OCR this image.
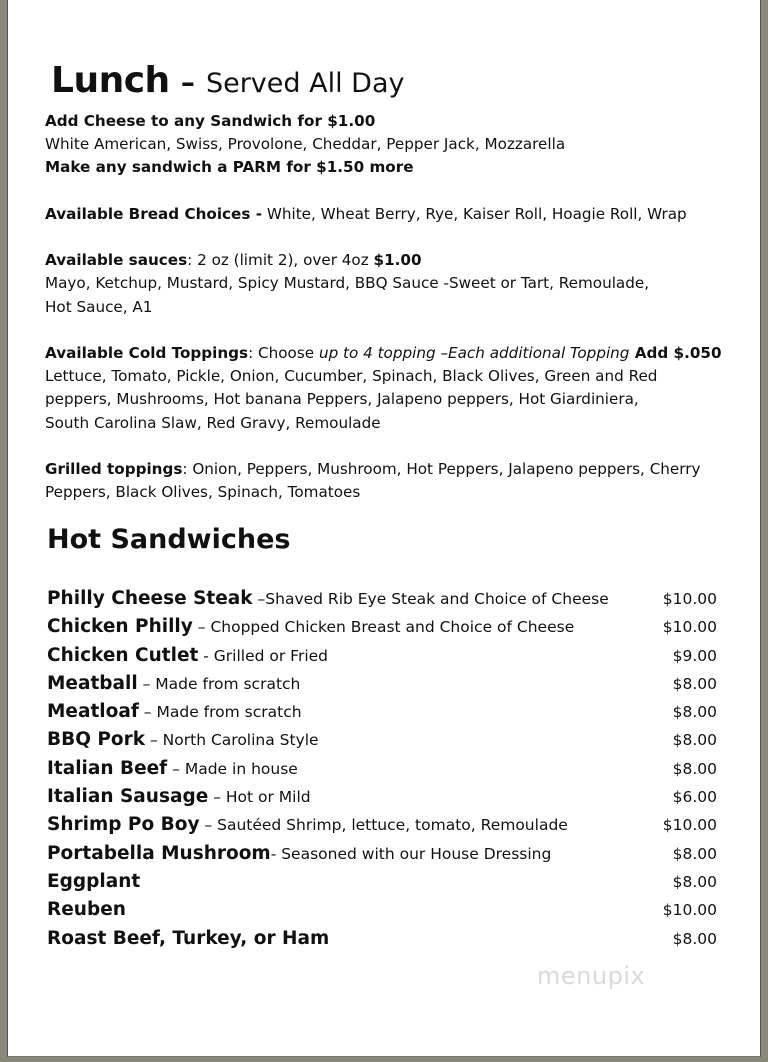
Lunch – Served All Day

Add Cheese to any Sandwich for $1.00

White American, Swiss, Provolone, Cheddar, Pepper Jack, Mozzarella

Make any sandwich a PARM for $1.50 more

Available Bread Choices - White, Wheat Berry, Rye, Kaiser Roll, Hoagie Roll, Wrap

Available sauces: 2 oz (limit 2), over 4oz $1.00

Mayo, Ketchup, Mustard, Spicy Mustard, BBQ Sauce -Sweet or Tart, Remoulade,

Hot Sauce, A1

Available Cold Toppings: Choose up to 4 topping –Each additional Topping Add $.050

Lettuce, Tomato, Pickle, Onion, Cucumber, Spinach, Black Olives, Green and Red

peppers, Mushrooms, Hot banana Peppers, Jalapeno peppers, Hot Giardiniera,

South Carolina Slaw, Red Gravy, Remoulade

Grilled toppings: Onion, Peppers, Mushroom, Hot Peppers, Jalapeno peppers, Cherry

Peppers, Black Olives, Spinach, Tomatoes

Hot Sandwiches
Philly Cheese Steak –Shaved Rib Eye Steak and Choice of Cheese	$10.00
Chicken Philly – Chopped Chicken Breast and Choice of Cheese	$10.00
Chicken Cutlet - Grilled or Fried	$9.00
Meatball – Made from scratch	$8.00
Meatloaf – Made from scratch	$8.00
BBQ Pork – North Carolina Style	$8.00
Italian Beef – Made in house	$8.00
Italian Sausage – Hot or Mild	$6.00
Shrimp Po Boy – Sautéed Shrimp, lettuce, tomato, Remoulade	$10.00
Portabella Mushroom- Seasoned with our House Dressing	$8.00
Eggplant	$8.00
Reuben	$10.00
Roast Beef, Turkey, or Ham	$8.00
menupix
